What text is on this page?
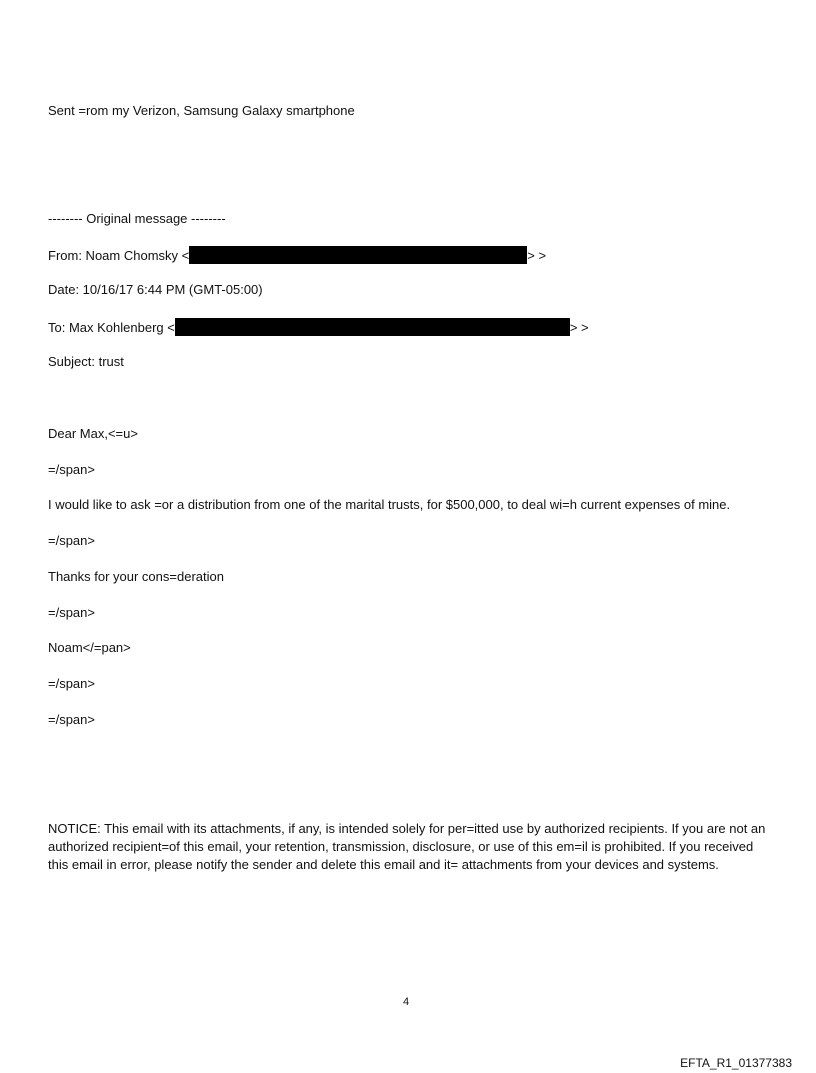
Sent =rom my Verizon, Samsung Galaxy smartphone
-------- Original message --------
From: Noam Chomsky <	> >
Date: 10/16/17 6:44 PM (GMT-05:00)
To: Max Kohlenberg <	> >
Subject: trust
Dear Max,<=u>
=/span>
I would like to ask =or a distribution from one of the marital trusts, for $500,000, to deal wi=h current expenses of mine.
=/span>
Thanks for your cons=deration
=/span>
Noam</=pan>
=/span>
=/span>
NOTICE: This email with its attachments, if any, is intended solely for per=itted use by authorized recipients. If you are not an authorized recipient=of this email, your retention, transmission, disclosure, or use of this em=il is prohibited. If you received this email in error, please notify the sender and delete this email and it= attachments from your devices and systems.
4
EFTA_R1_01377383
